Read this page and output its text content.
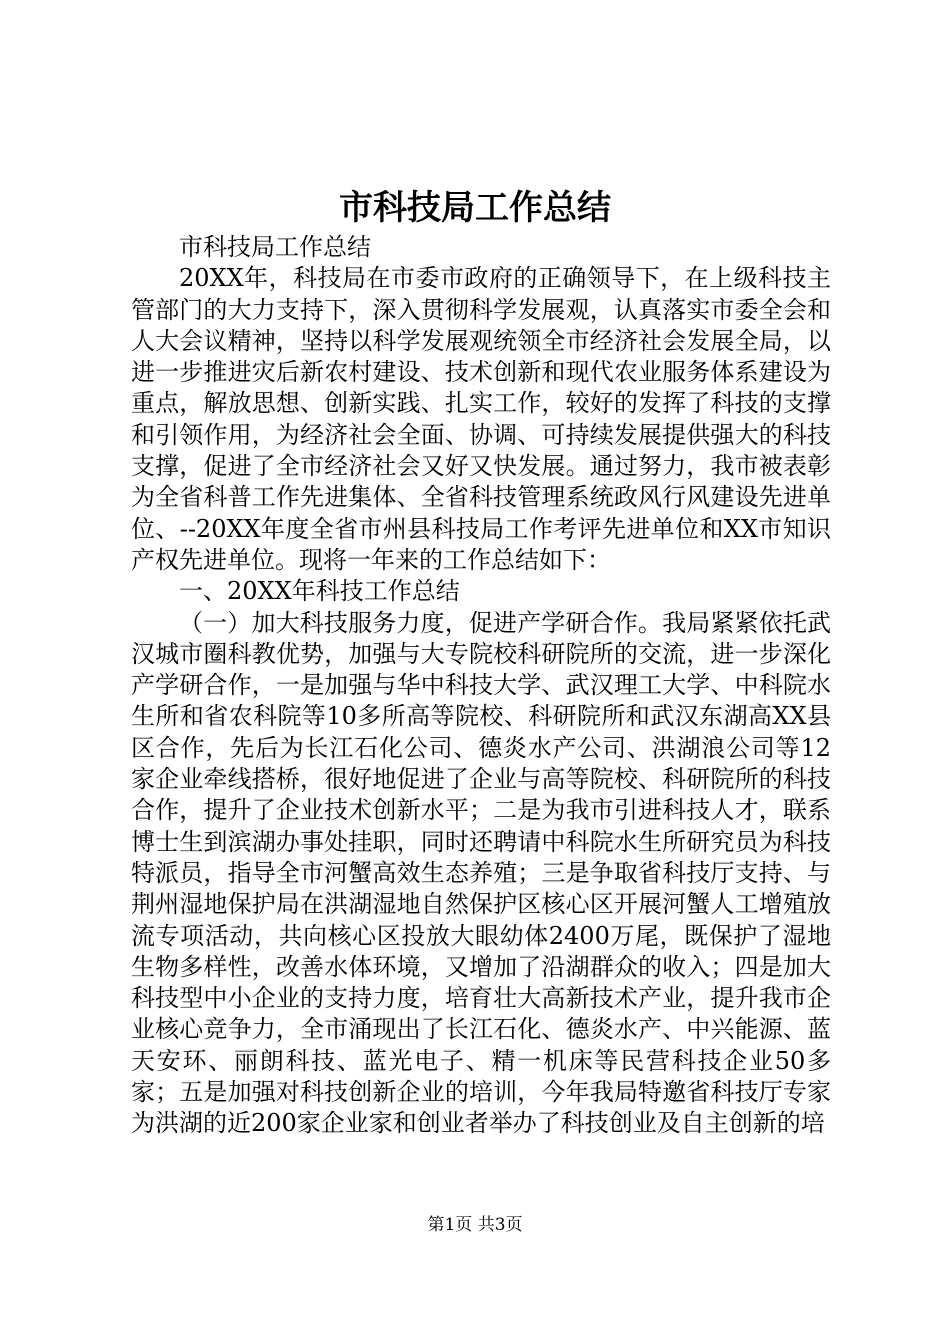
市科技局工作总结

市科技局工作总结

20XX年，科技局在市委市政府的正确领导下，在上级科技主管部门的大力支持下，深入贯彻科学发展观，认真落实市委全会和人大会议精神，坚持以科学发展观统领全市经济社会发展全局，以进一步推进灾后新农村建设、技术创新和现代农业服务体系建设为重点，解放思想、创新实践、扎实工作，较好的发挥了科技的支撑和引领作用，为经济社会全面、协调、可持续发展提供强大的科技支撑，促进了全市经济社会又好又快发展。通过努力，我市被表彰为全省科普工作先进集体、全省科技管理系统政风行风建设先进单位、--20XX年度全省市州县科技局工作考评先进单位和XX市知识产权先进单位。现将一年来的工作总结如下：

一、20XX年科技工作总结

（一）加大科技服务力度，促进产学研合作。我局紧紧依托武汉城市圈科教优势，加强与大专院校科研院所的交流，进一步深化产学研合作，一是加强与华中科技大学、武汉理工大学、中科院水生所和省农科院等10多所高等院校、科研院所和武汉东湖高XX县区合作，先后为长江石化公司、德炎水产公司、洪湖浪公司等12家企业牵线搭桥，很好地促进了企业与高等院校、科研院所的科技合作，提升了企业技术创新水平；二是为我市引进科技人才，联系博士生到滨湖办事处挂职，同时还聘请中科院水生所研究员为科技特派员，指导全市河蟹高效生态养殖；三是争取省科技厅支持、与荆州湿地保护局在洪湖湿地自然保护区核心区开展河蟹人工增殖放流专项活动，共向核心区投放大眼幼体2400万尾，既保护了湿地生物多样性，改善水体环境，又增加了沿湖群众的收入；四是加大科技型中小企业的支持力度，培育壮大高新技术产业，提升我市企业核心竞争力，全市涌现出了长江石化、德炎水产、中兴能源、蓝天安环、丽朗科技、蓝光电子、精一机床等民营科技企业50多家；五是加强对科技创新企业的培训，今年我局特邀省科技厅专家为洪湖的近200家企业家和创业者举办了科技创业及自主创新的培

第1页 共3页
